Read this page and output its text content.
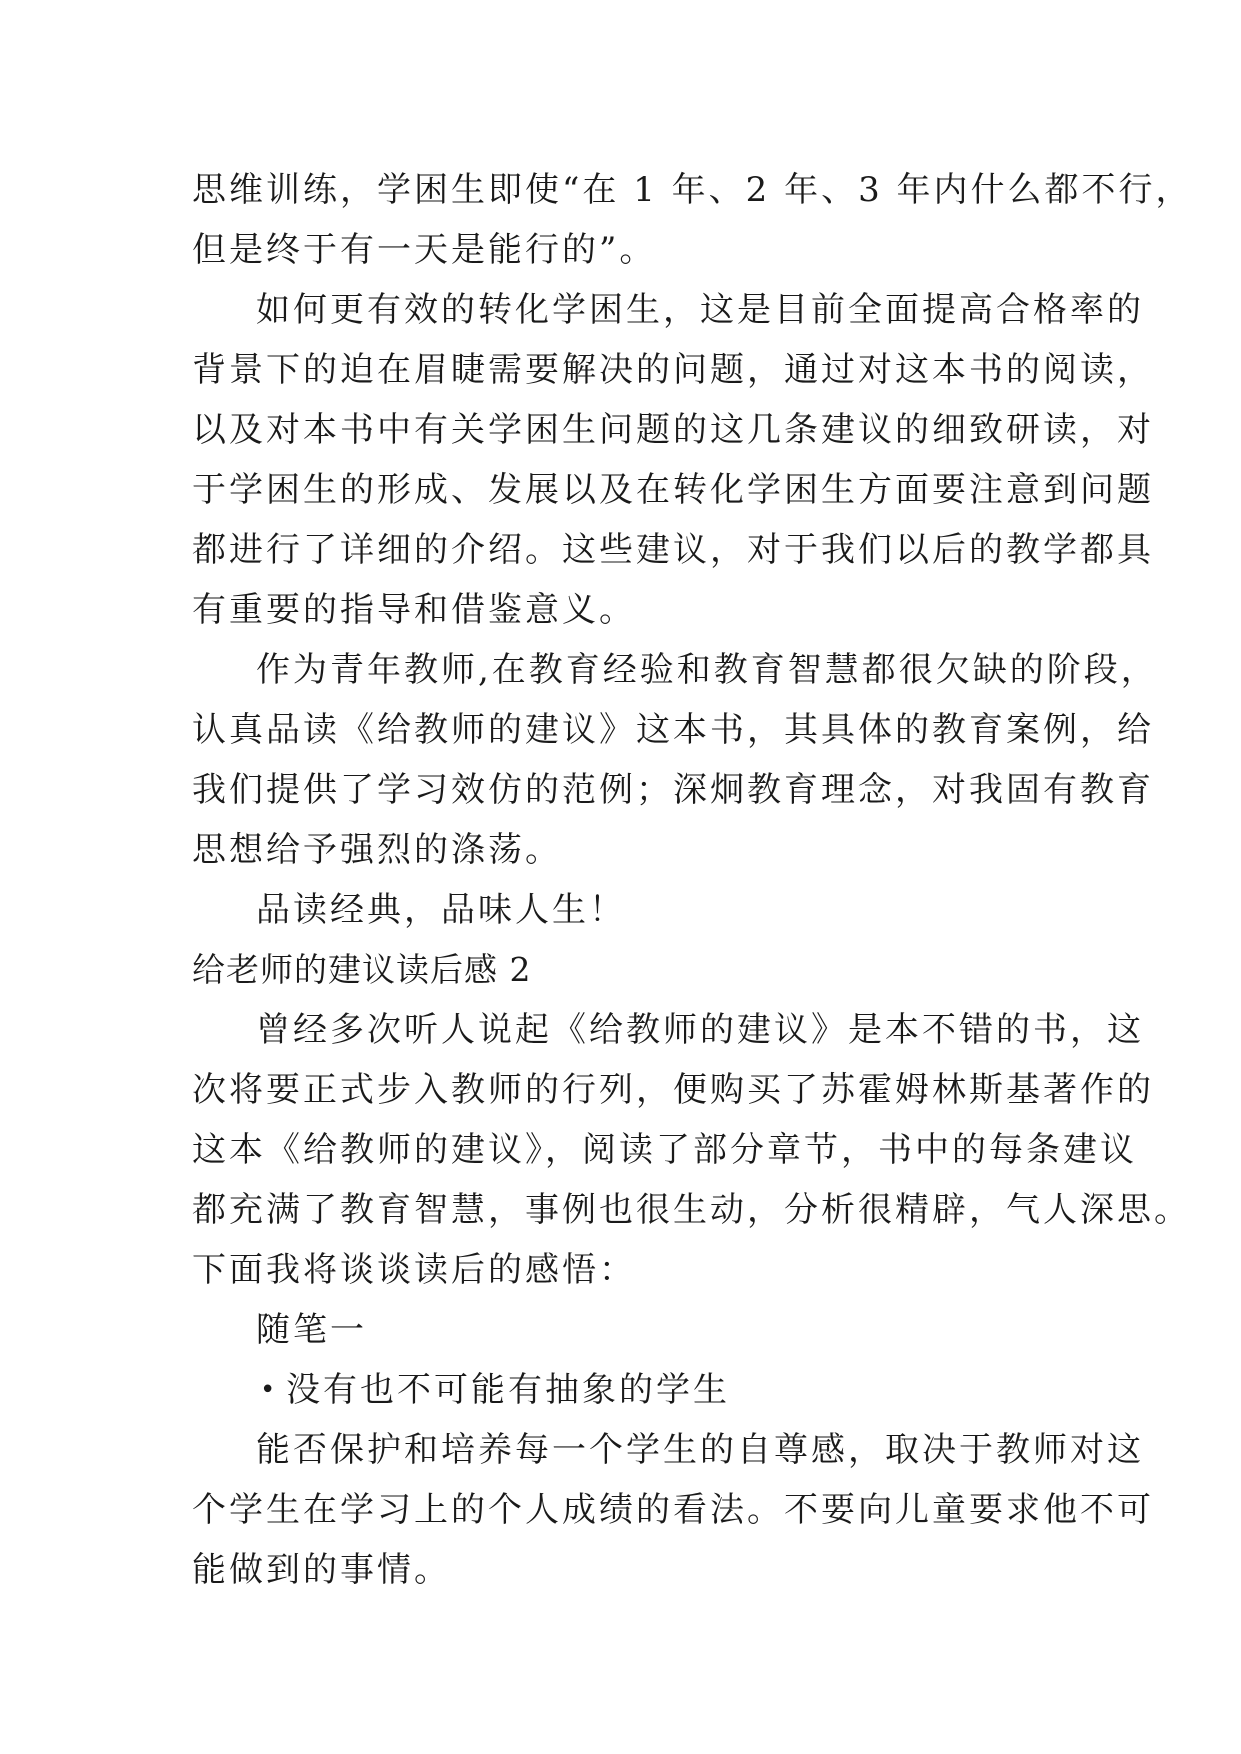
思维训练，学困生即使“在 1 年、2 年、3 年内什么都不行，
但是终于有一天是能行的”。
如何更有效的转化学困生，这是目前全面提高合格率的
背景下的迫在眉睫需要解决的问题，通过对这本书的阅读，
以及对本书中有关学困生问题的这几条建议的细致研读，对
于学困生的形成、发展以及在转化学困生方面要注意到问题
都进行了详细的介绍。这些建议，对于我们以后的教学都具
有重要的指导和借鉴意义。
作为青年教师,在教育经验和教育智慧都很欠缺的阶段，
认真品读《给教师的建议》这本书，其具体的教育案例，给
我们提供了学习效仿的范例；深炯教育理念，对我固有教育
思想给予强烈的涤荡。
品读经典，品味人生！
给老师的建议读后感 2
曾经多次听人说起《给教师的建议》是本不错的书，这
次将要正式步入教师的行列，便购买了苏霍姆林斯基著作的
这本《给教师的建议》，阅读了部分章节，书中的每条建议
都充满了教育智慧，事例也很生动，分析很精辟，气人深思。
下面我将谈谈读后的感悟：
随笔一
• 没有也不可能有抽象的学生
能否保护和培养每一个学生的自尊感，取决于教师对这
个学生在学习上的个人成绩的看法。不要向儿童要求他不可
能做到的事情。
